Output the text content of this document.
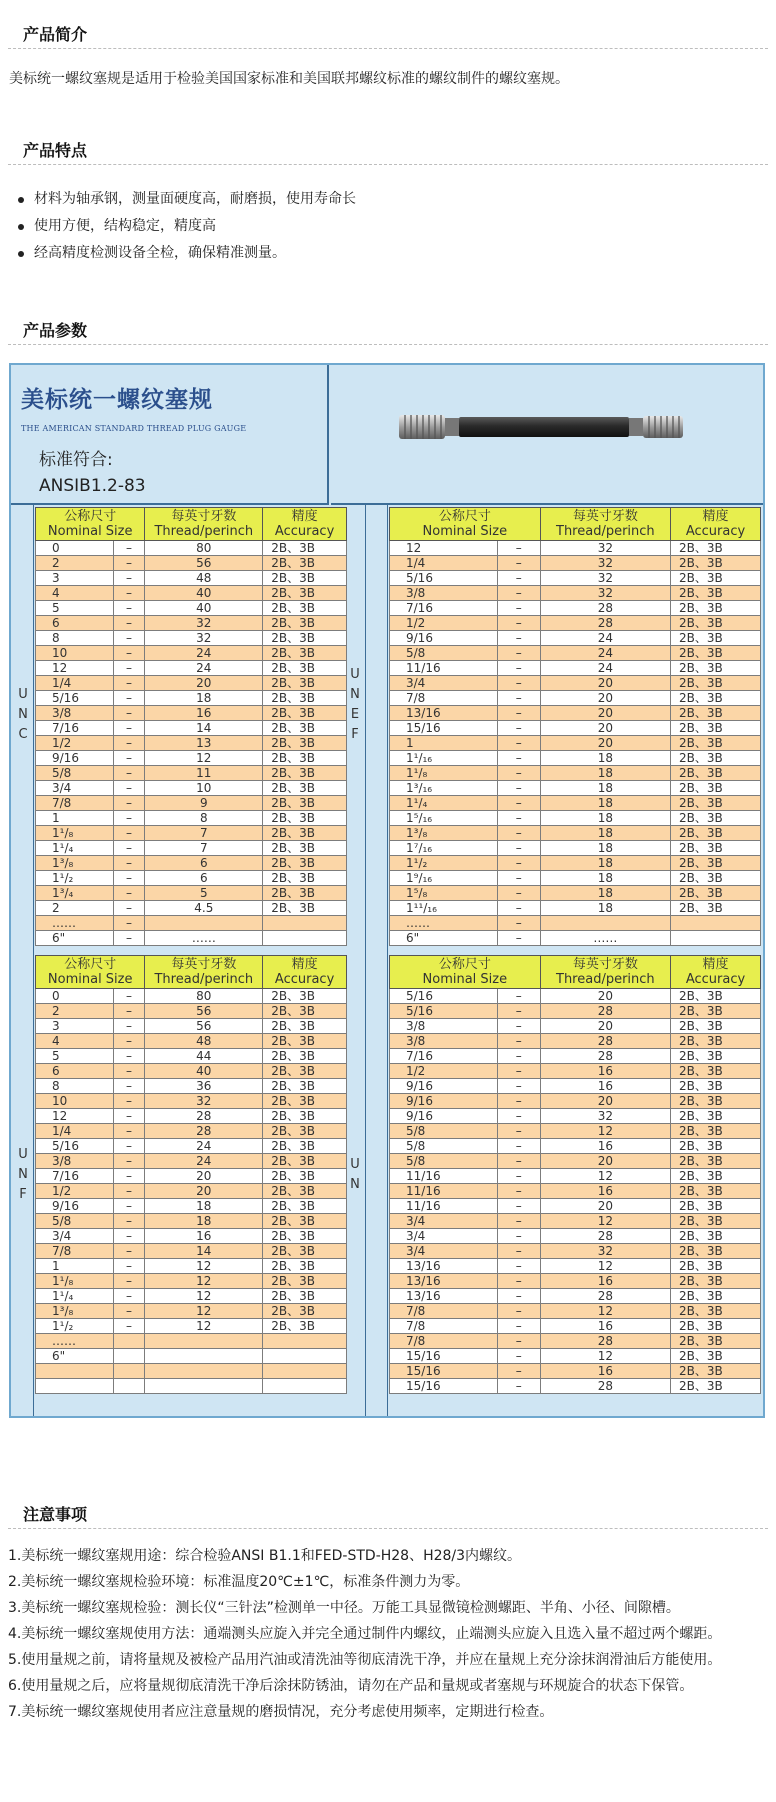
产品简介
美标统一螺纹塞规是适用于检验美国国家标准和美国联邦螺纹标准的螺纹制件的螺纹塞规。
产品特点
材料为轴承钢，测量面硬度高，耐磨损，使用寿命长
使用方便，结构稳定，精度高
经高精度检测设备全检，确保精准测量。
产品参数
美标统一螺纹塞规
THE AMERICAN STANDARD THREAD PLUG GAUGE
标准符合:
ANSIB1.2-83
U
N
C
U
N
E
F
U
N
F
U
N
公称尺寸
Nominal Size		每英寸牙数
Thread/perinch	精度
Accuracy
0	–	80	2B、3B
2	–	56	2B、3B
3	–	48	2B、3B
4	–	40	2B、3B
5	–	40	2B、3B
6	–	32	2B、3B
8	–	32	2B、3B
10	–	24	2B、3B
12	–	24	2B、3B
1/4	–	20	2B、3B
5/16	–	18	2B、3B
3/8	–	16	2B、3B
7/16	–	14	2B、3B
1/2	–	13	2B、3B
9/16	–	12	2B、3B
5/8	–	11	2B、3B
3/4	–	10	2B、3B
7/8	–	9	2B、3B
1	–	8	2B、3B
1¹/₈	–	7	2B、3B
1¹/₄	–	7	2B、3B
1³/₈	–	6	2B、3B
1¹/₂	–	6	2B、3B
1³/₄	–	5	2B、3B
2	–	4.5	2B、3B
……	–		
6"	–	……	
公称尺寸
Nominal Size		每英寸牙数
Thread/perinch	精度
Accuracy
12	–	32	2B、3B
1/4	–	32	2B、3B
5/16	–	32	2B、3B
3/8	–	32	2B、3B
7/16	–	28	2B、3B
1/2	–	28	2B、3B
9/16	–	24	2B、3B
5/8	–	24	2B、3B
11/16	–	24	2B、3B
3/4	–	20	2B、3B
7/8	–	20	2B、3B
13/16	–	20	2B、3B
15/16	–	20	2B、3B
1	–	20	2B、3B
1¹/₁₆	–	18	2B、3B
1¹/₈	–	18	2B、3B
1³/₁₆	–	18	2B、3B
1¹/₄	–	18	2B、3B
1⁵/₁₆	–	18	2B、3B
1³/₈	–	18	2B、3B
1⁷/₁₆	–	18	2B、3B
1¹/₂	–	18	2B、3B
1⁹/₁₆	–	18	2B、3B
1⁵/₈	–	18	2B、3B
1¹¹/₁₆	–	18	2B、3B
……	–		
6"	–	……	
公称尺寸
Nominal Size		每英寸牙数
Thread/perinch	精度
Accuracy
0	–	80	2B、3B
2	–	56	2B、3B
3	–	56	2B、3B
4	–	48	2B、3B
5	–	44	2B、3B
6	–	40	2B、3B
8	–	36	2B、3B
10	–	32	2B、3B
12	–	28	2B、3B
1/4	–	28	2B、3B
5/16	–	24	2B、3B
3/8	–	24	2B、3B
7/16	–	20	2B、3B
1/2	–	20	2B、3B
9/16	–	18	2B、3B
5/8	–	18	2B、3B
3/4	–	16	2B、3B
7/8	–	14	2B、3B
1	–	12	2B、3B
1¹/₈	–	12	2B、3B
1¹/₄	–	12	2B、3B
1³/₈	–	12	2B、3B
1¹/₂	–	12	2B、3B
……			
6"			

公称尺寸
Nominal Size		每英寸牙数
Thread/perinch	精度
Accuracy
5/16	–	20	2B、3B
5/16	–	28	2B、3B
3/8	–	20	2B、3B
3/8	–	28	2B、3B
7/16	–	28	2B、3B
1/2	–	16	2B、3B
9/16	–	16	2B、3B
9/16	–	20	2B、3B
9/16	–	32	2B、3B
5/8	–	12	2B、3B
5/8	–	16	2B、3B
5/8	–	20	2B、3B
11/16	–	12	2B、3B
11/16	–	16	2B、3B
11/16	–	20	2B、3B
3/4	–	12	2B、3B
3/4	–	28	2B、3B
3/4	–	32	2B、3B
13/16	–	12	2B、3B
13/16	–	16	2B、3B
13/16	–	28	2B、3B
7/8	–	12	2B、3B
7/8	–	16	2B、3B
7/8	–	28	2B、3B
15/16	–	12	2B、3B
15/16	–	16	2B、3B
15/16	–	28	2B、3B
注意事项

1.美标统一螺纹塞规用途：综合检验ANSI B1.1和FED-STD-H28、H28/3内螺纹。

2.美标统一螺纹塞规检验环境：标准温度20℃±1℃，标准条件测力为零。

3.美标统一螺纹塞规检验：测长仪“三针法”检测单一中径。万能工具显微镜检测螺距、半角、小径、间隙槽。

4.美标统一螺纹塞规使用方法：通端测头应旋入并完全通过制件内螺纹，止端测头应旋入且选入量不超过两个螺距。

5.使用量规之前，请将量规及被检产品用汽油或清洗油等彻底清洗干净，并应在量规上充分涂抹润滑油后方能使用。

6.使用量规之后，应将量规彻底清洗干净后涂抹防锈油，请勿在产品和量规或者塞规与环规旋合的状态下保管。

7.美标统一螺纹塞规使用者应注意量规的磨损情况，充分考虑使用频率，定期进行检查。
